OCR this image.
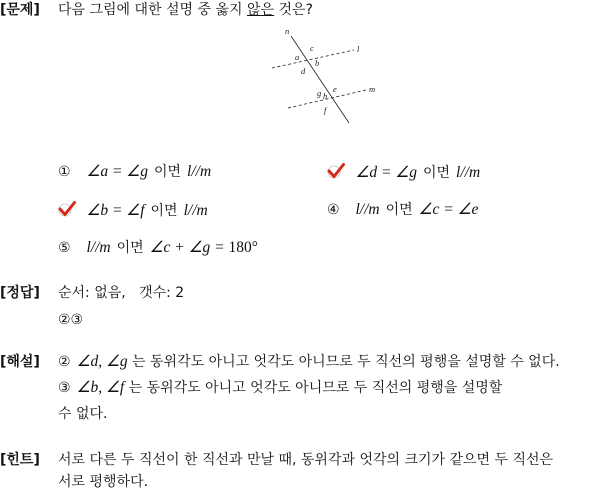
[문제] 다음 그림에 대한 설명 중 옳지 않은 것은?
n
l
m
c
a
b
d
e
g h
f
① ∠a = ∠g 이면 l//m	∠d = ∠g 이면 l//m
∠b = ∠f 이면 l//m	④ l//m 이면 ∠c = ∠e
⑤ l//m 이면 ∠c + ∠g = 180°
[정답] 순서: 없음,   갯수: 2
②③
[해설] ② ∠d, ∠g 는 동위각도 아니고 엇각도 아니므로 두 직선의 평행을 설명할 수 없다.
③ ∠b, ∠f 는 동위각도 아니고 엇각도 아니므로 두 직선의 평행을 설명할
수 없다.
[힌트] 서로 다른 두 직선이 한 직선과 만날 때, 동위각과 엇각의 크기가 같으면 두 직선은
서로 평행하다.
